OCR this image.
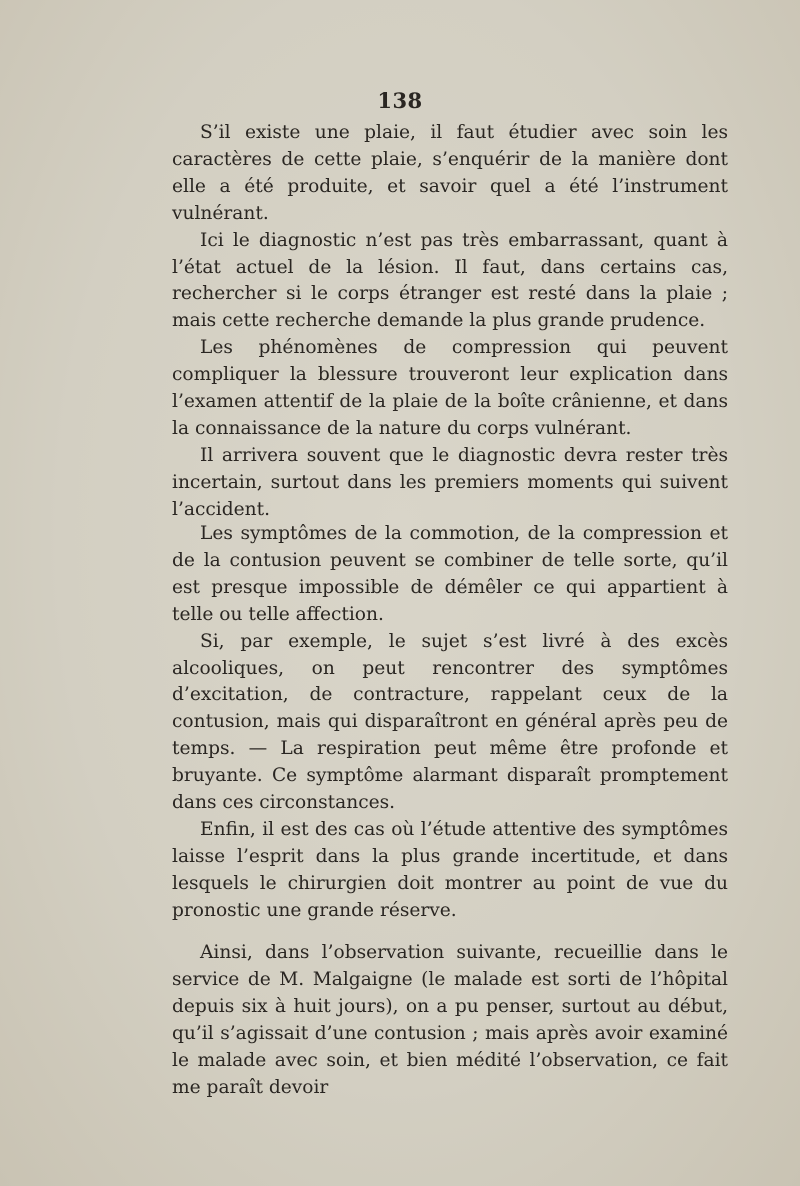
138

S’il existe une plaie, il faut étudier avec soin les caractères de cette plaie, s’enquérir de la manière dont elle a été produite, et savoir quel a été l’instrument vulnérant.

Ici le diagnostic n’est pas très embarrassant, quant à l’état actuel de la lésion. Il faut, dans certains cas, rechercher si le corps étranger est resté dans la plaie ; mais cette recherche demande la plus grande prudence.

Les phénomènes de compression qui peuvent compliquer la blessure trouveront leur explication dans l’examen attentif de la plaie de la boîte crânienne, et dans la connaissance de la nature du corps vulnérant.

Il arrivera souvent que le diagnostic devra rester très incertain, surtout dans les premiers moments qui suivent l’accident.

Les symptômes de la commotion, de la compression et de la contusion peuvent se combiner de telle sorte, qu’il est presque impossible de démêler ce qui appartient à telle ou telle affection.

Si, par exemple, le sujet s’est livré à des excès alcooliques, on peut rencontrer des symptômes d’excitation, de contracture, rappelant ceux de la contusion, mais qui disparaîtront en général après peu de temps. — La respiration peut même être profonde et bruyante. Ce symptôme alarmant disparaît promptement dans ces circonstances.

Enfin, il est des cas où l’étude attentive des symptômes laisse l’esprit dans la plus grande incertitude, et dans lesquels le chirurgien doit montrer au point de vue du pronostic une grande réserve.

Ainsi, dans l’observation suivante, recueillie dans le service de M. Malgaigne (le malade est sorti de l’hôpital depuis six à huit jours), on a pu penser, surtout au début, qu’il s’agissait d’une contusion ; mais après avoir examiné le malade avec soin, et bien médité l’observation, ce fait me paraît devoir
